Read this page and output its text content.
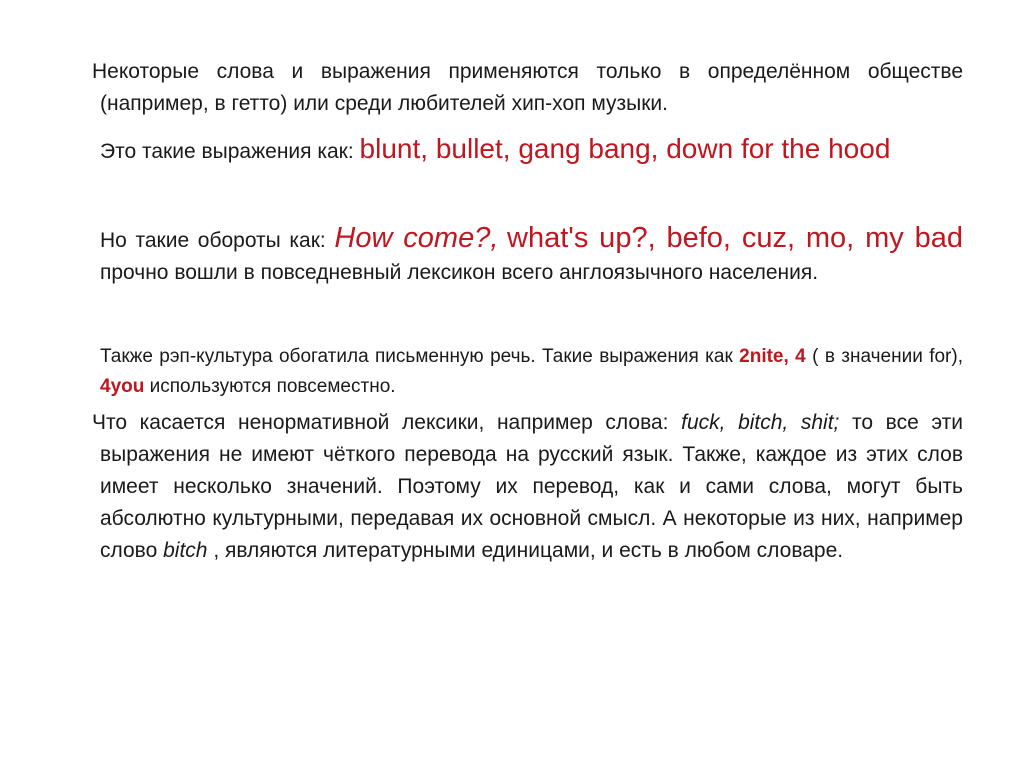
Некоторые слова и выражения применяются только в определённом обществе (например, в гетто) или среди любителей хип-хоп музыки.

Это такие выражения как: blunt, bullet, gang bang, down for the hood

Но такие обороты как: How come?, what's up?, befo, cuz, mo, my bad прочно вошли в повседневный лексикон всего англоязычного населения.

Также рэп-культура обогатила письменную речь. Такие выражения как 2nite, 4 ( в значении for), 4you используются повсеместно.

Что касается ненормативной лексики, например слова: fuck, bitch, shit; то все эти выражения не имеют чёткого перевода на русский язык. Также, каждое из этих слов имеет несколько значений. Поэтому их перевод, как и сами слова, могут быть абсолютно культурными, передавая их основной смысл. А некоторые из них, например слово bitch , являются литературными единицами, и есть в любом словаре.
